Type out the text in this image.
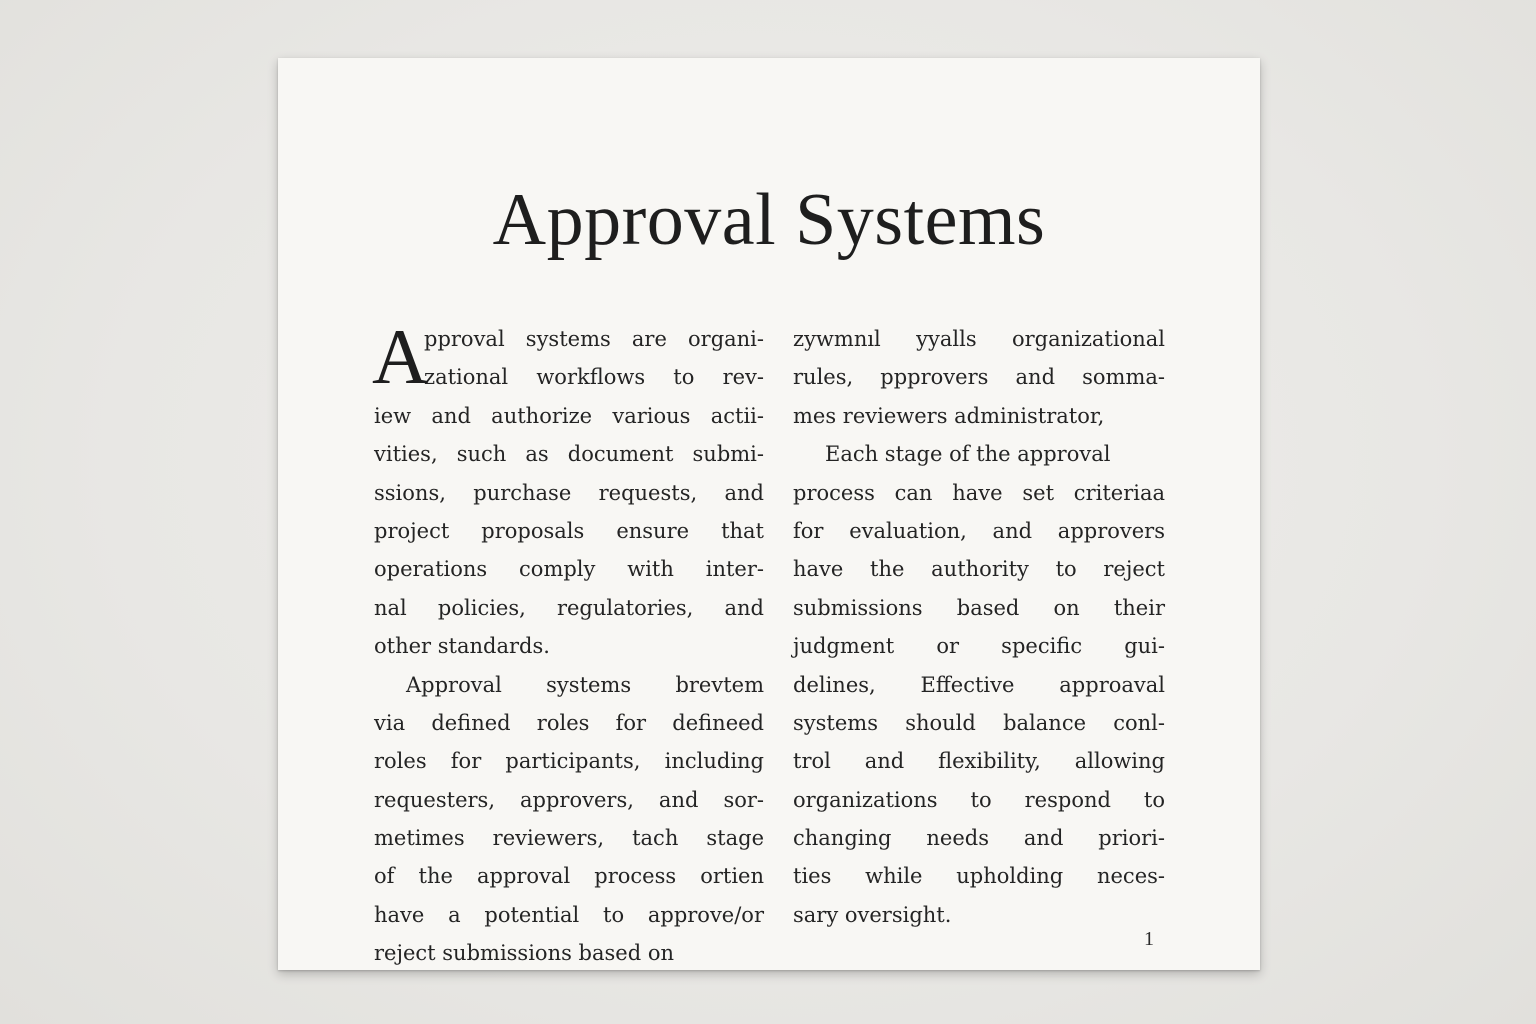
Approval Systems
A
pproval systems are organi-
zational workflows to rev-
iew and authorize various actii-
vities, such as document submi-
ssions, purchase requests, and
project proposals ensure that
operations comply with inter-
nal policies, regulatories, and
other standards.
Approval systems brevtem
via defined roles for defineed
roles for participants, including
requesters, approvers, and sor-
metimes reviewers, tach stage
of the approval process ortien
have a potential to approve/or
reject submissions based on
zywmnıl yyalls organizational
rules, ppprovers and somma-
mes reviewers administrator,
Each stage of the approval
process can have set criteriaa
for evaluation, and approvers
have the authority to reject
submissions based on their
judgment or specific gui-
delines, Effective approaval
systems should balance conl-
trol and flexibility, allowing
organizations to respond to
changing needs and priori-
ties while upholding neces-
sary oversight.
1
